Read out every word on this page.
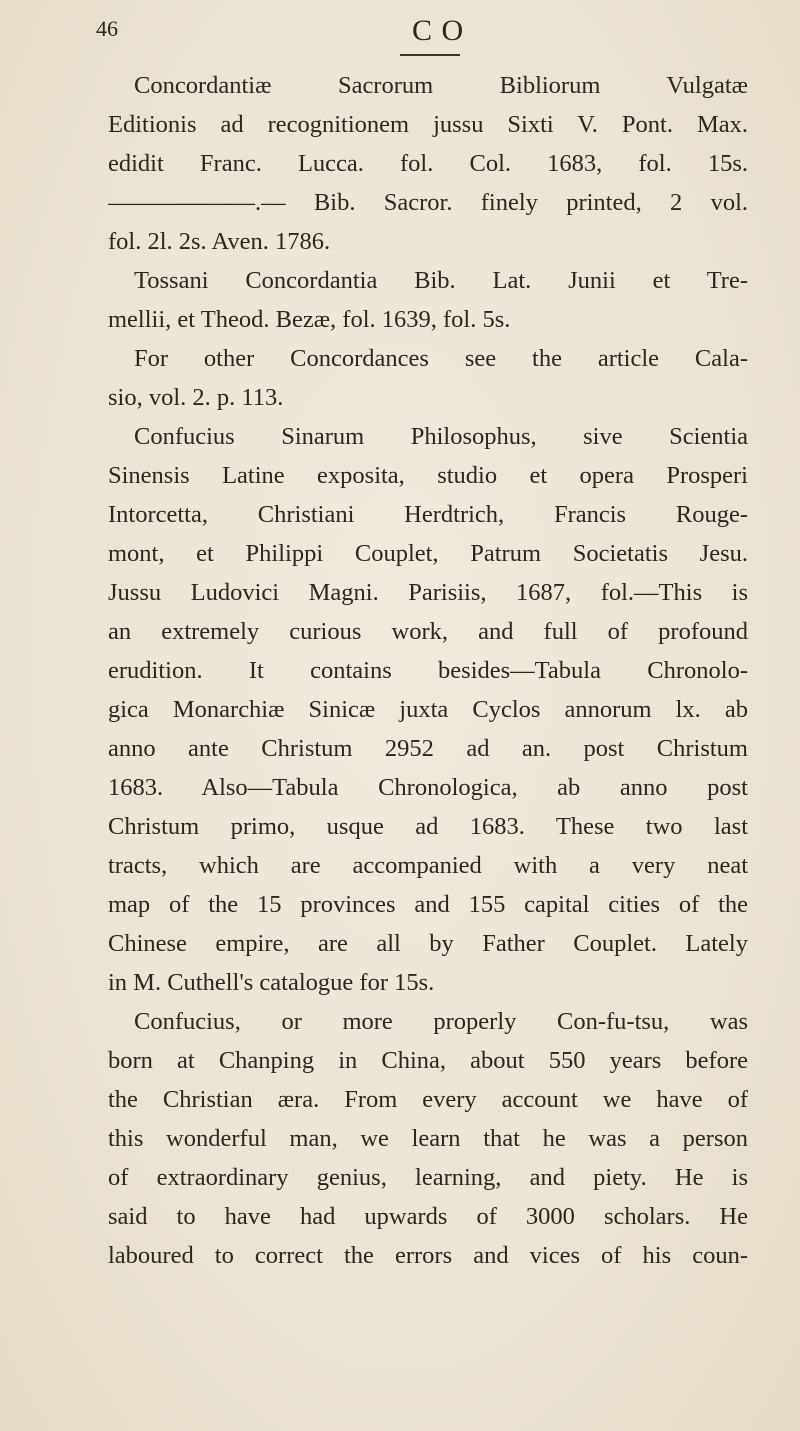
46	C O
Concordantiæ Sacrorum Bibliorum Vulgatæ
Editionis ad recognitionem jussu Sixti V. Pont. Max.
edidit Franc. Lucca. fol. Col. 1683, fol. 15s.
——————.— Bib. Sacror. finely printed, 2 vol.
fol. 2l. 2s. Aven. 1786.
Tossani Concordantia Bib. Lat. Junii et Tre-
mellii, et Theod. Bezæ, fol. 1639, fol. 5s.
For other Concordances see the article Cala-
sio, vol. 2. p. 113.
Confucius Sinarum Philosophus, sive Scientia
Sinensis Latine exposita, studio et opera Prosperi
Intorcetta, Christiani Herdtrich, Francis Rouge-
mont, et Philippi Couplet, Patrum Societatis Jesu.
Jussu Ludovici Magni. Parisiis, 1687, fol.—This is
an extremely curious work, and full of profound
erudition. It contains besides—Tabula Chronolo-
gica Monarchiæ Sinicæ juxta Cyclos annorum lx. ab
anno ante Christum 2952 ad an. post Christum
1683. Also—Tabula Chronologica, ab anno post
Christum primo, usque ad 1683. These two last
tracts, which are accompanied with a very neat
map of the 15 provinces and 155 capital cities of the
Chinese empire, are all by Father Couplet. Lately
in M. Cuthell's catalogue for 15s.
Confucius, or more properly Con-fu-tsu, was
born at Chanping in China, about 550 years before
the Christian æra. From every account we have of
this wonderful man, we learn that he was a person
of extraordinary genius, learning, and piety. He is
said to have had upwards of 3000 scholars. He
laboured to correct the errors and vices of his coun-
